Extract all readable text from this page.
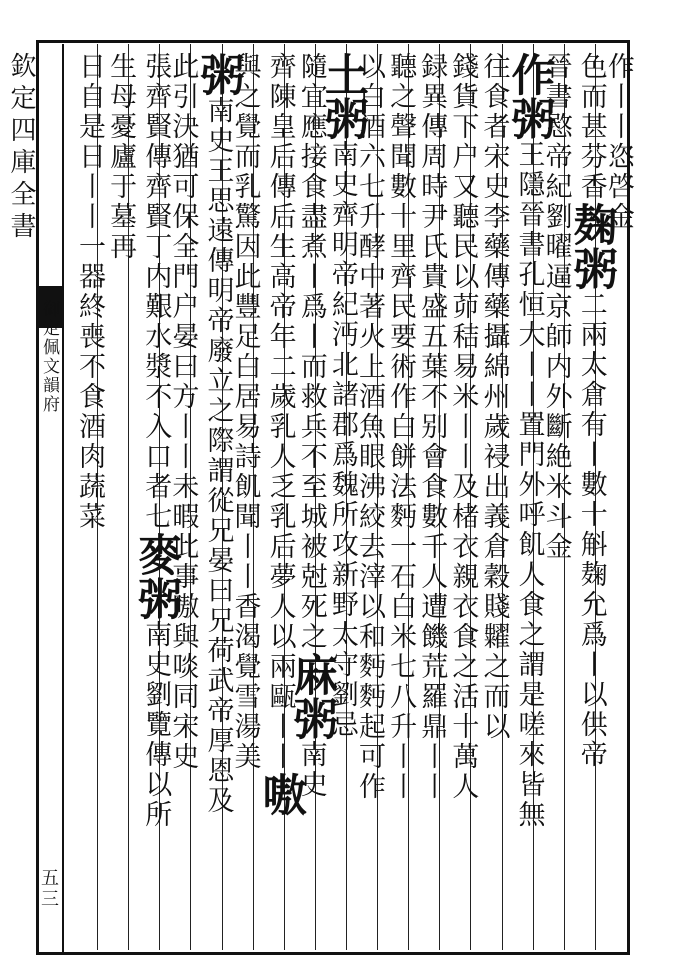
欽定四庫全書
御定佩文韻府
五三
作丨丨恣啓金
色而甚芬香麹粥二兩太倉有丨數十斛麹允爲丨以供帝
晉書愍帝紀劉曜逼京師内外斷絶米斗金
作粥王隱晉書孔恒大丨丨置門外呼飢人食之謂是嗟來皆無
往食者宋史李藥傳藥攝綿州歲祲出義倉穀賤糶之而以
錢貨下户又聽民以茆秸易米丨丨及楮衣親衣食之活十萬人
録異傳周時尹氏貴盛五葉不别會食數千人遭饑荒羅鼎丨丨
聽之聲聞數十里齊民要術作白餅法麪一石白米七八升丨丨
以白酒六七升酵中著火上酒魚眼沸絞去滓以和麪麪起可作
土粥南史齊明帝紀沔北諸郡爲魏所攻新野太守劉忌
隨宜應接食盡煮丨爲丨而救兵不至城被尅死之麻粥南史
齊陳皇后傳后生高帝年二歲乳人乏乳后夢人以兩甌丨丨嗷
與之覺而乳驚因此豐足白居易詩飢聞丨丨香渴覺雪湯美
粥南史王思遠傳明帝廢立之際謂從兄晏曰兄荷武帝厚恩及
此引決猶可保全門户晏曰方丨丨未暇此事嗷與啖同宋史
張齊賢傳齊賢丁内艱水漿不入口者七麥粥南史劉覽傳以所
生母憂廬于墓再
日自是日丨丨一器終喪不食酒肉蔬菜
